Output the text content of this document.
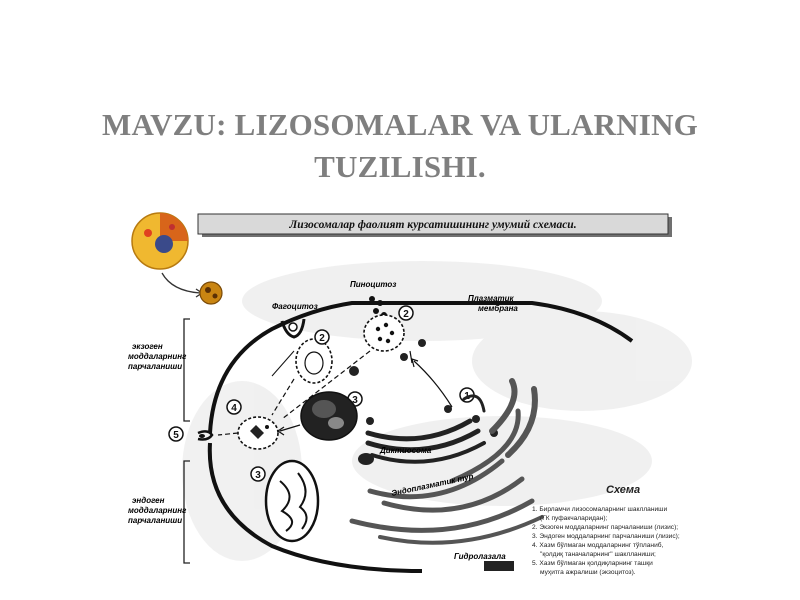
MAVZU: LIZOSOMALAR VA ULARNING
TUZILISHI.
Лизосомалар фаолият курсатишининг умумий схемаси.
2
2
1
3
3
4
5
Фагоцитоз
Пиноцитоз
Плазматик
мембрана
экзоген
моддаларнинг
парчаланиши
эндоген
моддаларнинг
парчаланиши
Диктиосома
Эндоплазматик тур
Гидролазала
Схема
1. Бирламчи лизосомаларнинг шаклланиши
(ГК пуфакчаларидан);
2. Экзоген моддаларнинг парчаланиши (лизис);
3. Эндоген моддаларнинг парчаланиши (лизис);
4. Хазм бўлмаган моддаларнинг тўпланиб,
"қолдиқ таначаларнинг" шаклланиши;
5. Хазм бўлмаган қолдиқларнинг ташқи
муҳитга ажралиши (экзоцитоз).
